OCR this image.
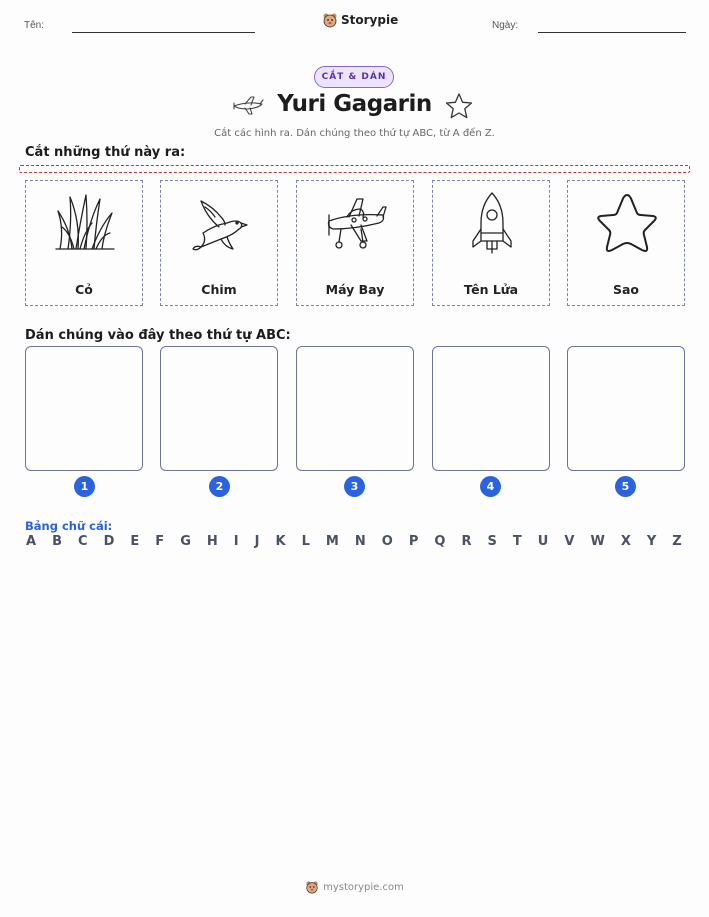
Tên:	Storypie	Ngày:
CẮT & DÁN
Yuri Gagarin
Cắt các hình ra. Dán chúng theo thứ tự ABC, từ A đến Z.
Cắt những thứ này ra:
Cỏ	Chim	Máy Bay	Tên Lửa	Sao
Dán chúng vào đây theo thứ tự ABC:
1	2	3	4	5
Bảng chữ cái:
A B C D E F G H I J K L M N O P Q R S T U V W X Y Z
mystorypie.com
